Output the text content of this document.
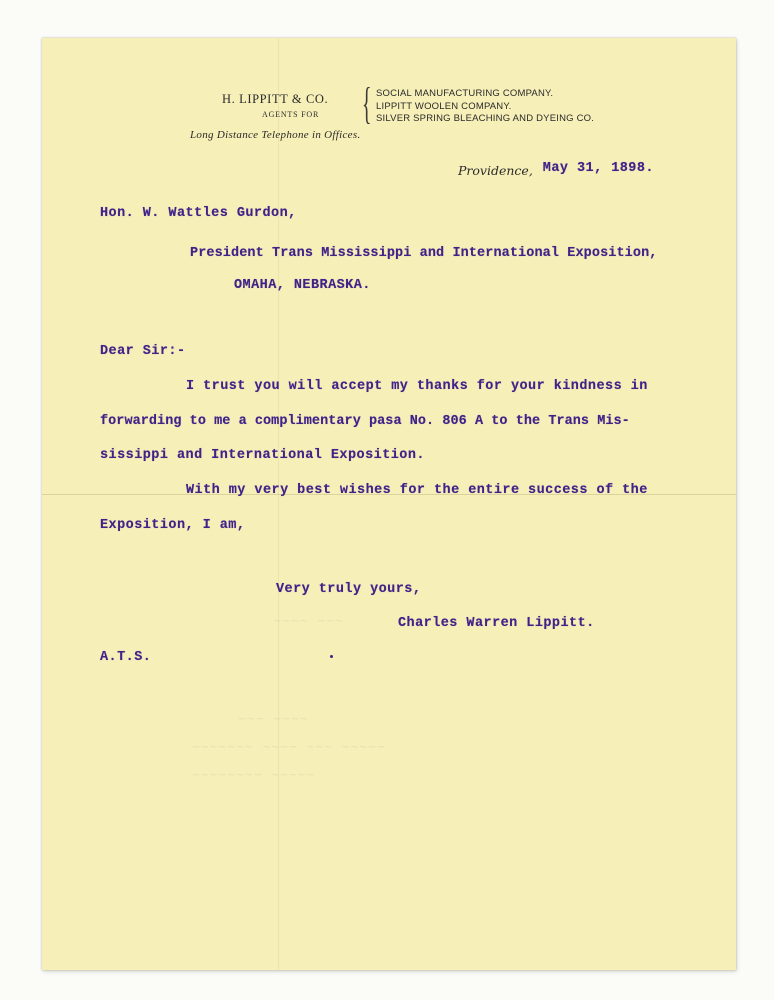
​ ​ ​ ​ ~~~~ ~~~
~~~ ~~~~
~~~~~~~ ~~~~ ~~~ ~~~~~
~~~~~~~~ ~~~~~
H. LIPPITT & CO.
AGENTS FOR { SOCIAL MANUFACTURING COMPANY.
LIPPITT WOOLEN COMPANY.
SILVER SPRING BLEACHING AND DYEING CO.
Long Distance Telephone in Offices.
Providence, $^{May 31, 1898.}$
Hon. W. Wattles Gurdon,
President Trans Mississippi and International Exposition,
OMAHA, NEBRASKA.
Dear Sir:-
I trust you will accept my thanks for your kindness in
forwarding to me a complimentary pasa No. 806 A to the Trans Mis-
sissippi and International Exposition.
With my very best wishes for the entire success of the
Exposition, I am,
Very truly yours,
Charles Warren Lippitt.
A.T.S.
